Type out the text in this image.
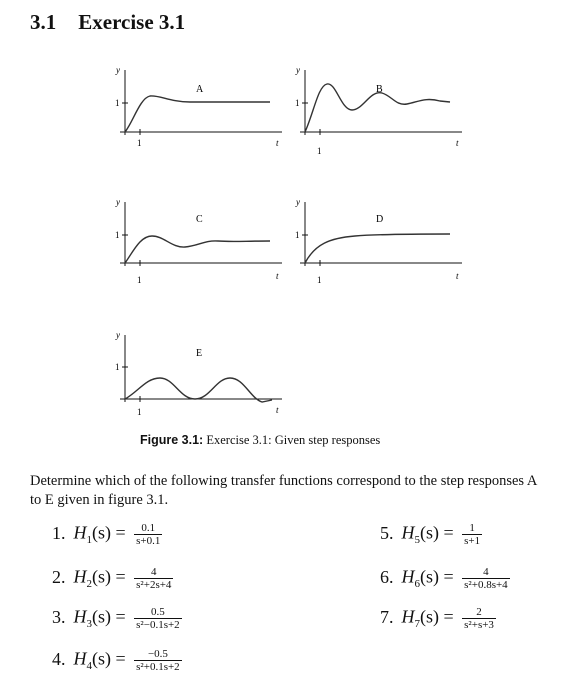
3.1 Exercise 3.1
y
1
1	t
A
y
1
1
t
B
y
1
1	t
C
y
1
1	t
D
y
1
1	t
E
Figure 3.1: Exercise 3.1: Given step responses
Determine which of the following transfer functions correspond to the step responses A to E given in figure 3.1.
1. $H_1(s) = \frac{0.1}{s+0.1}$
2. $H_2(s) = \frac{4}{\text{s²+2s+4}}$
3. $H_3(s) = \frac{0.5}{\text{s²−0.1s+2}}$
4. $H_4(s) = \frac{-0.5}{\text{s²+0.1s+2}}$
5. $H_5(s) = \frac{1}{s+1}$
6. $H_6(s) = \frac{4}{\text{s²+0.8s+4}}$
7. $H_7(s) = \frac{2}{\text{s²+s+3}}$
